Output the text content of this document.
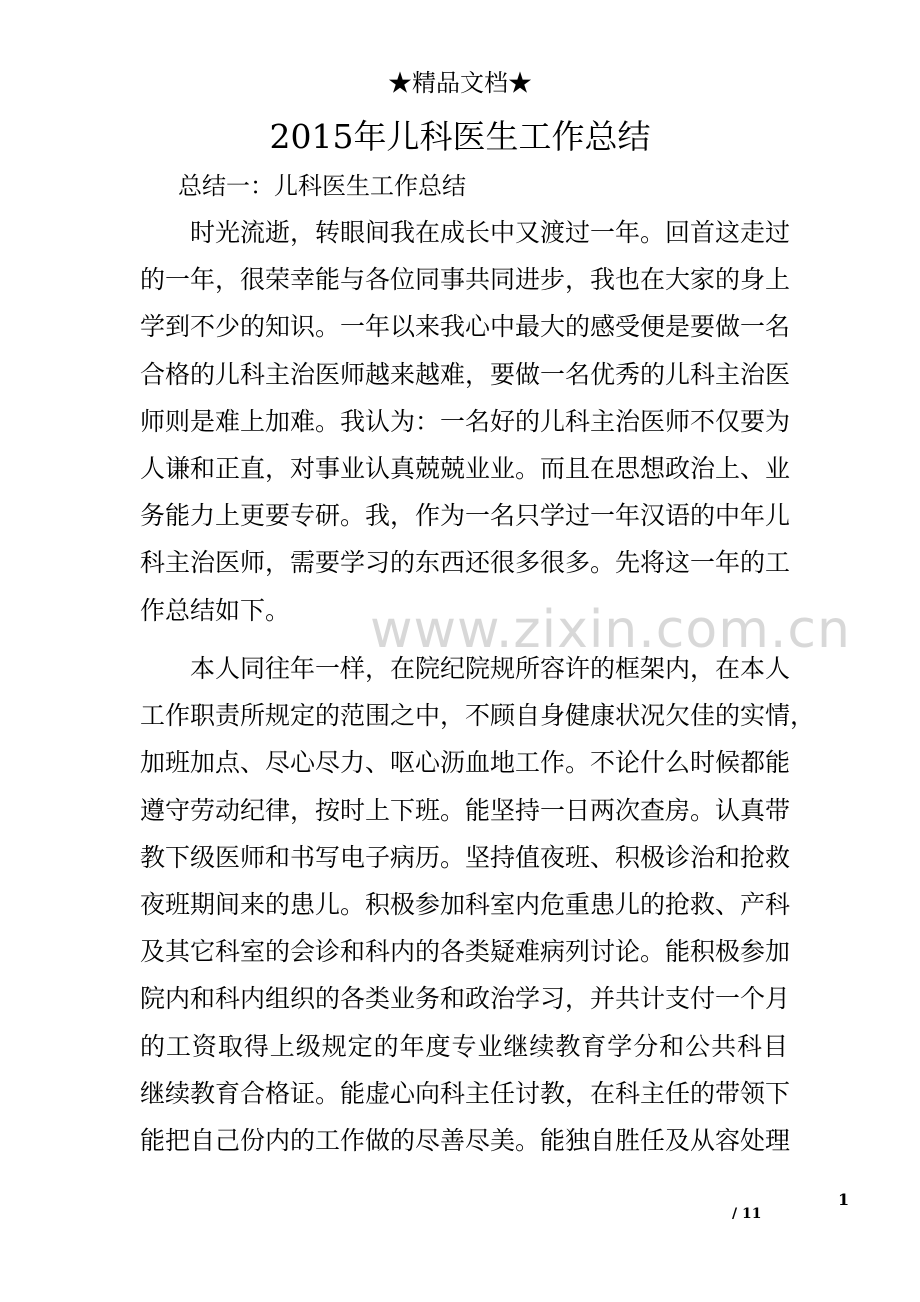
★精品文档★
2015年儿科医生工作总结
总结一：儿科医生工作总结
www.zixin.com.cn
时光流逝，转眼间我在成长中又渡过一年。回首这走过
的一年，很荣幸能与各位同事共同进步，我也在大家的身上
学到不少的知识。一年以来我心中最大的感受便是要做一名
合格的儿科主治医师越来越难，要做一名优秀的儿科主治医
师则是难上加难。我认为：一名好的儿科主治医师不仅要为
人谦和正直，对事业认真兢兢业业。而且在思想政治上、业
务能力上更要专研。我，作为一名只学过一年汉语的中年儿
科主治医师，需要学习的东西还很多很多。先将这一年的工
作总结如下。
本人同往年一样，在院纪院规所容许的框架内，在本人
工作职责所规定的范围之中，不顾自身健康状况欠佳的实情，
加班加点、尽心尽力、呕心沥血地工作。不论什么时候都能
遵守劳动纪律，按时上下班。能坚持一日两次查房。认真带
教下级医师和书写电子病历。坚持值夜班、积极诊治和抢救
夜班期间来的患儿。积极参加科室内危重患儿的抢救、产科
及其它科室的会诊和科内的各类疑难病列讨论。能积极参加
院内和科内组织的各类业务和政治学习，并共计支付一个月
的工资取得上级规定的年度专业继续教育学分和公共科目
继续教育合格证。能虚心向科主任讨教，在科主任的带领下
能把自己份内的工作做的尽善尽美。能独自胜任及从容处理
1
/ 11
